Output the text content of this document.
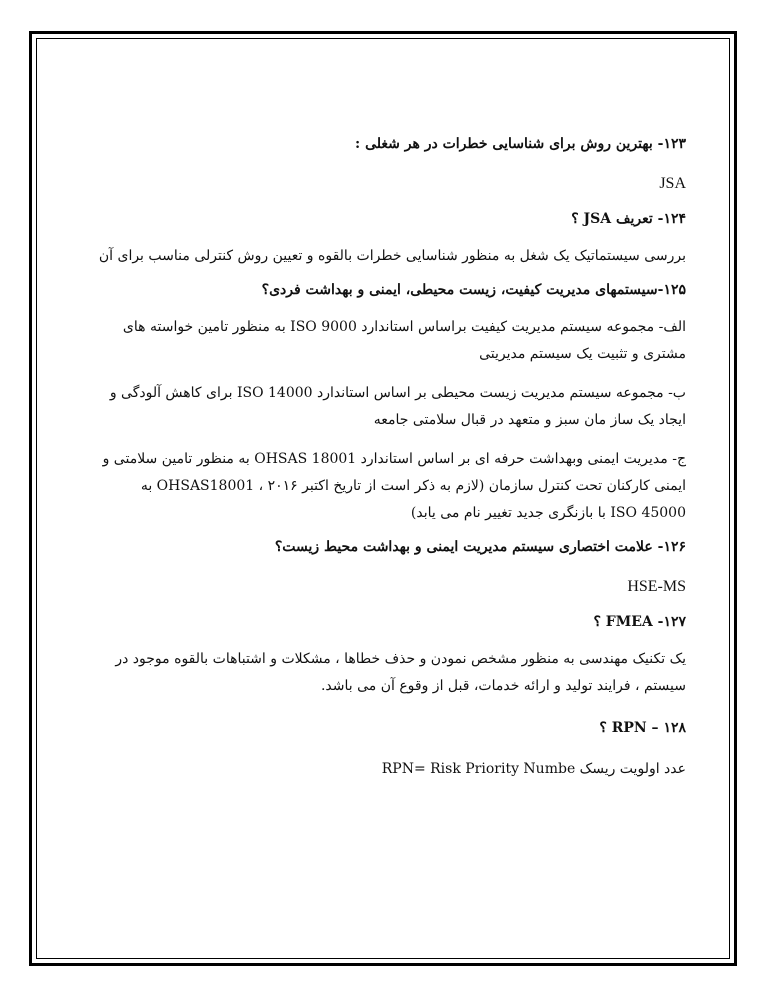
۱۲۳- بهترین روش برای شناسایی خطرات در هر شغلی :

JSA

۱۲۴- تعریف JSA ؟

بررسی سیستماتیک یک شغل به منظور شناسایی خطرات بالقوه و تعیین روش کنترلی مناسب برای آن

۱۲۵-سیستمهای مدیریت کیفیت، زیست محیطی، ایمنی و بهداشت فردی؟

الف- مجموعه سیستم مدیریت کیفیت براساس استاندارد ISO 9000 به منظور تامین خواسته های
مشتری و تثبیت یک سیستم مدیریتی

ب- مجموعه سیستم مدیریت زیست محیطی بر اساس استاندارد ISO 14000 برای کاهش آلودگی و
ایجاد یک ساز مان سبز و متعهد در قبال سلامتی جامعه

ج- مدیریت ایمنی وبهداشت حرفه ای بر اساس استاندارد OHSAS 18001 به منظور تامین سلامتی و
ایمنی کارکنان تحت کنترل سازمان (لازم به ذکر است از تاریخ اکتبر ۲۰۱۶ ، OHSAS18001 به
ISO 45000 با بازنگری جدید تغییر نام می یابد)

۱۲۶- علامت اختصاری سیستم مدیریت ایمنی و بهداشت محیط زیست؟

HSE-MS

۱۲۷- FMEA ؟

یک تکنیک مهندسی به منظور مشخص نمودن و حذف خطاها ، مشکلات و اشتباهات بالقوه موجود در
سیستم ، فرایند تولید و ارائه خدمات، قبل از وقوع آن می باشد.

۱۲۸ – RPN ؟

عدد اولویت ریسک RPN= Risk Priority Numbe
